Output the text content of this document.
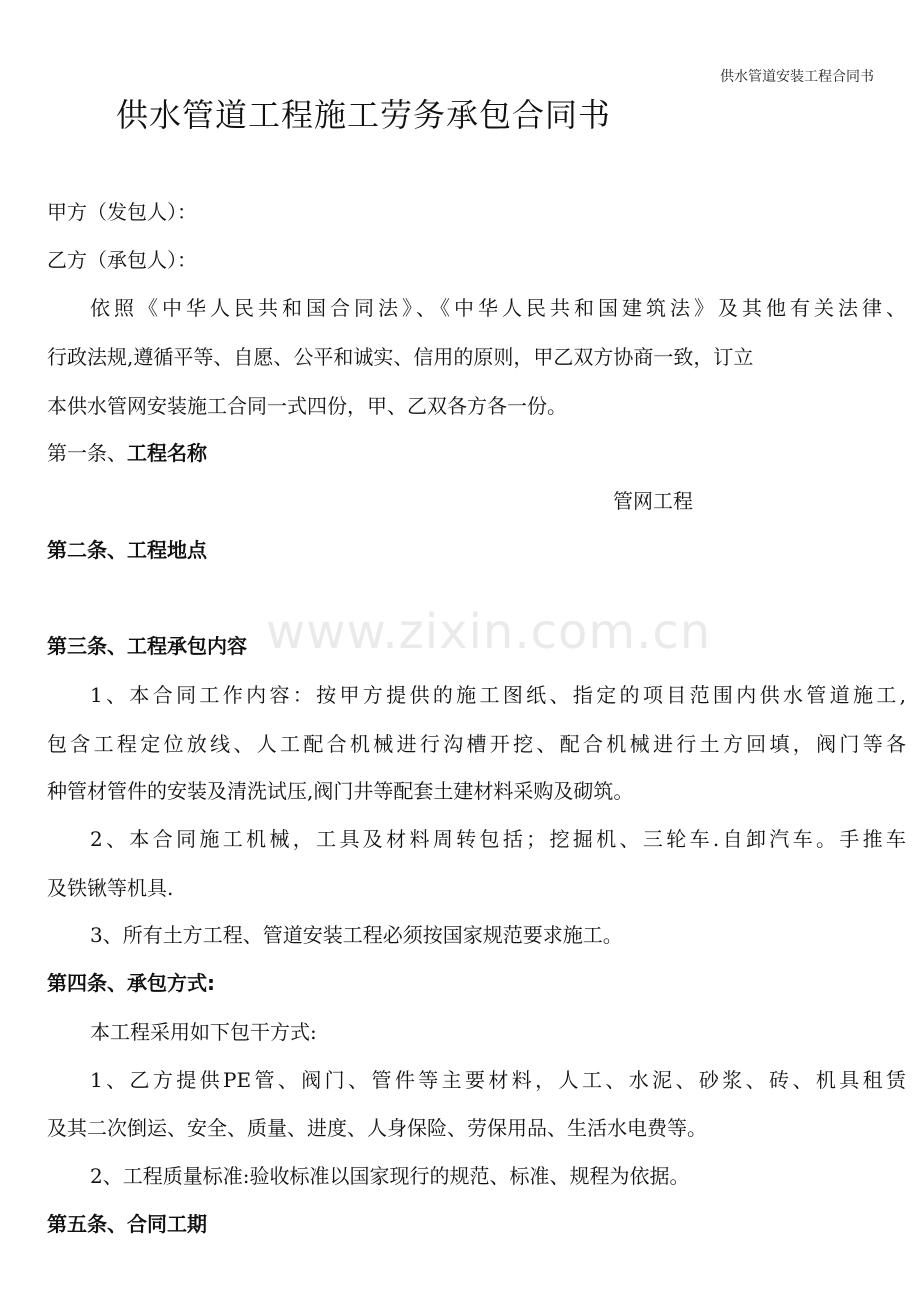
供水管道安装工程合同书
供水管道工程施工劳务承包合同书
甲方（发包人）：
乙方（承包人）：
依照《中华人民共和国合同法》、《中华人民共和国建筑法》及其他有关法律、
行政法规,遵循平等、自愿、公平和诚实、信用的原则，甲乙双方协商一致，订立
本供水管网安装施工合同一式四份，甲、乙双各方各一份。
第一条、工程名称
管网工程
第二条、工程地点
www.zixin.com.cn
第三条、工程承包内容
1、本合同工作内容：按甲方提供的施工图纸、指定的项目范围内供水管道施工,
包含工程定位放线、人工配合机械进行沟槽开挖、配合机械进行土方回填，阀门等各
种管材管件的安装及清洗试压,阀门井等配套土建材料采购及砌筑。
2、本合同施工机械，工具及材料周转包括；挖掘机、三轮车.自卸汽车。手推车
及铁锹等机具.
3、所有土方工程、管道安装工程必须按国家规范要求施工。
第四条、承包方式:
本工程采用如下包干方式:
1、乙方提供PE管、阀门、管件等主要材料，人工、水泥、砂浆、砖、机具租赁
及其二次倒运、安全、质量、进度、人身保险、劳保用品、生活水电费等。
2、工程质量标准:验收标准以国家现行的规范、标准、规程为依据。
第五条、合同工期
